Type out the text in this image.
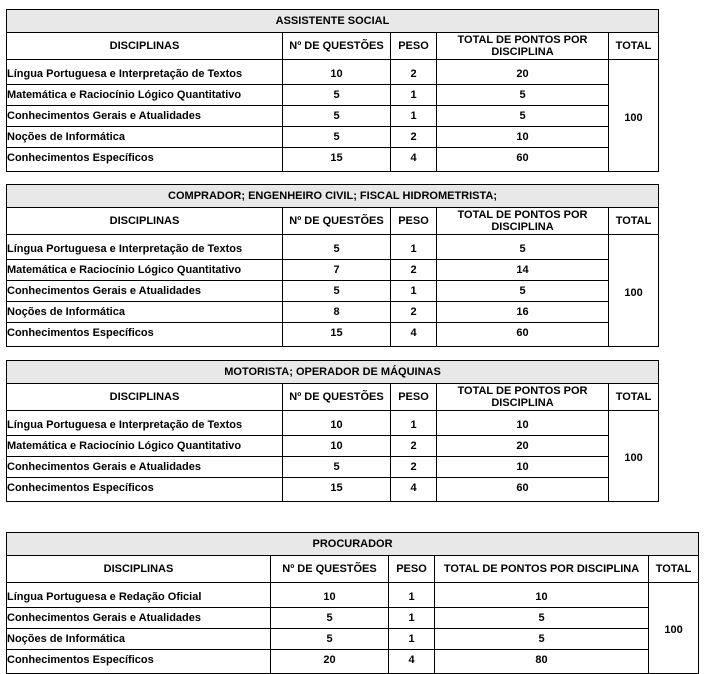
ASSISTENTE SOCIAL				
DISCIPLINAS	Nº DE QUESTÕES	PESO	TOTAL DE PONTOS POR DISCIPLINA	TOTAL
Língua Portuguesa e Interpretação de Textos	10	2	20	100
Matemática e Raciocínio Lógico Quantitativo	5	1	5	
Conhecimentos Gerais e Atualidades	5	1	5	
Noções de Informática	5	2	10	
Conhecimentos Específicos	15	4	60	
COMPRADOR; ENGENHEIRO CIVIL; FISCAL HIDROMETRISTA;				
DISCIPLINAS	Nº DE QUESTÕES	PESO	TOTAL DE PONTOS POR DISCIPLINA	TOTAL
Língua Portuguesa e Interpretação de Textos	5	1	5	100
Matemática e Raciocínio Lógico Quantitativo	7	2	14	
Conhecimentos Gerais e Atualidades	5	1	5	
Noções de Informática	8	2	16	
Conhecimentos Específicos	15	4	60	
MOTORISTA; OPERADOR DE MÁQUINAS				
DISCIPLINAS	Nº DE QUESTÕES	PESO	TOTAL DE PONTOS POR DISCIPLINA	TOTAL
Língua Portuguesa e Interpretação de Textos	10	1	10	100
Matemática e Raciocínio Lógico Quantitativo	10	2	20	
Conhecimentos Gerais e Atualidades	5	2	10	
Conhecimentos Específicos	15	4	60	
PROCURADOR				
DISCIPLINAS	Nº DE QUESTÕES	PESO	TOTAL DE PONTOS POR DISCIPLINA	TOTAL
Língua Portuguesa e Redação Oficial	10	1	10	100
Conhecimentos Gerais e Atualidades	5	1	5	
Noções de Informática	5	1	5	
Conhecimentos Específicos	20	4	80	
